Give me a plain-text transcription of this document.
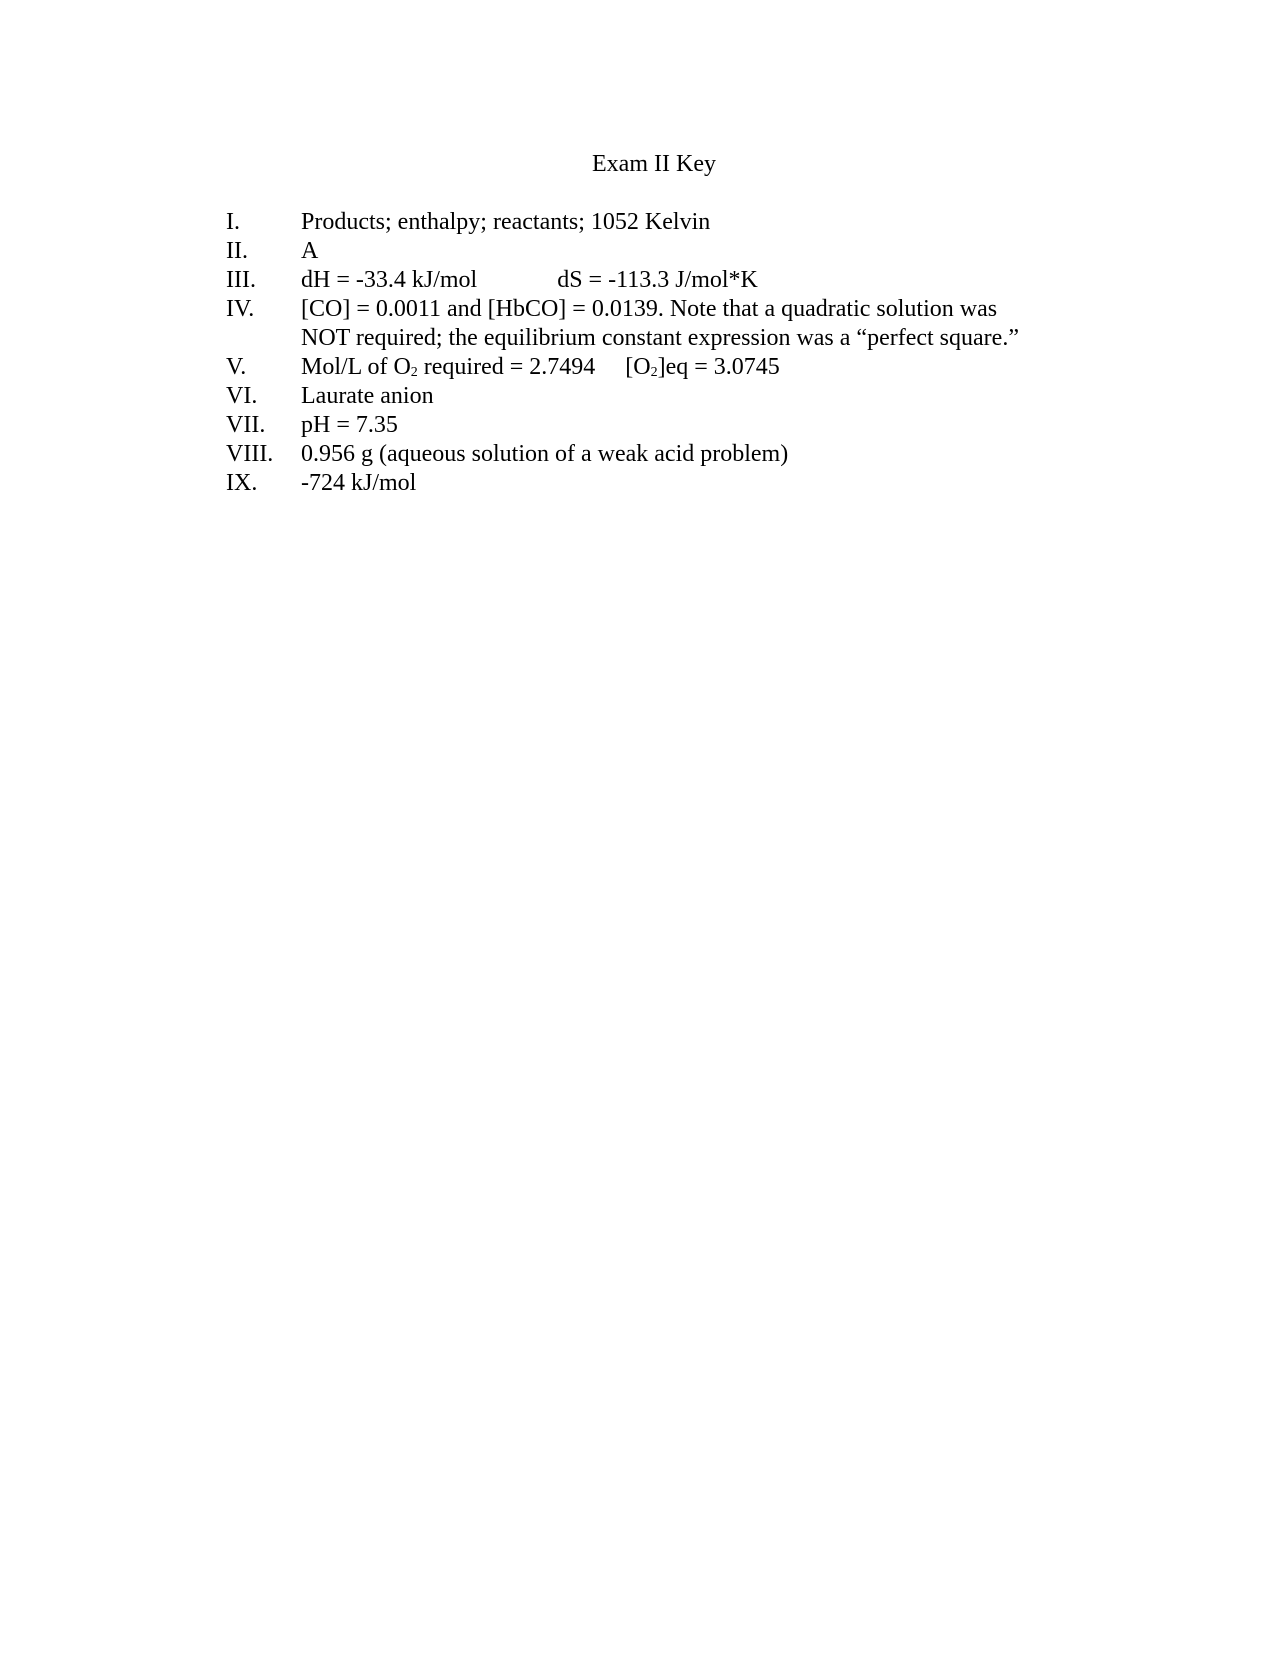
Exam II Key
I.	Products; enthalpy; reactants; 1052 Kelvin
II.	A
III.	dH = -33.4 kJ/mol	dS = -113.3 J/mol*K
IV.	[CO] = 0.0011 and [HbCO] = 0.0139. Note that a quadratic solution was
NOT required; the equilibrium constant expression was a “perfect square.”
V.	Mol/L of $O_2$ required = 2.7494 $[O_2]eq = 3.0745$
VI.	Laurate anion
VII.	pH = 7.35
VIII.	0.956 g (aqueous solution of a weak acid problem)
IX.	-724 kJ/mol
